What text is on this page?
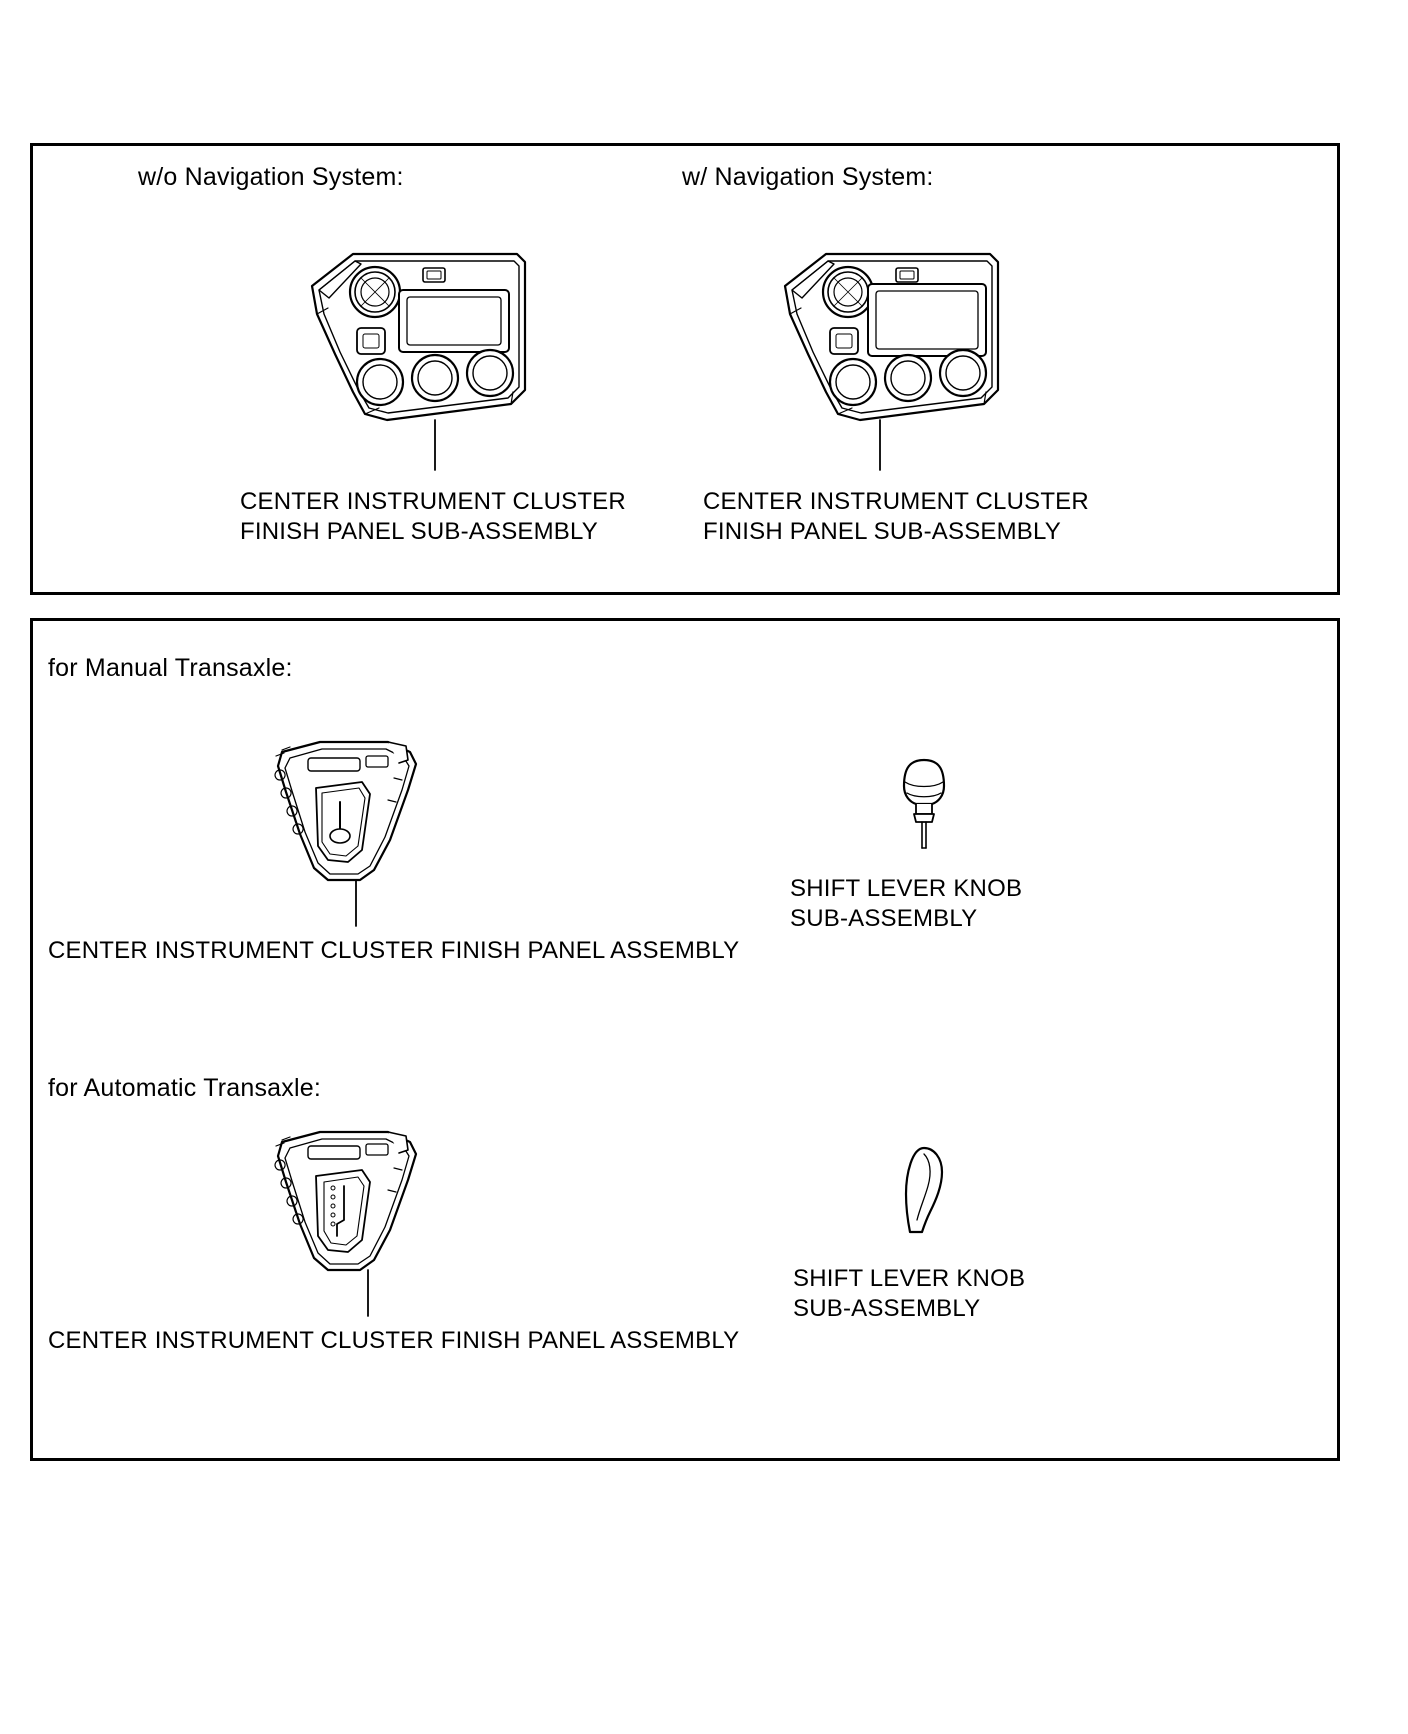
w/o Navigation System:	w/ Navigation System:
CENTER INSTRUMENT CLUSTER
FINISH PANEL SUB-ASSEMBLY
CENTER INSTRUMENT CLUSTER
FINISH PANEL SUB-ASSEMBLY
for Manual Transaxle:
CENTER INSTRUMENT CLUSTER FINISH PANEL ASSEMBLY
SHIFT LEVER KNOB
SUB-ASSEMBLY
for Automatic Transaxle:
CENTER INSTRUMENT CLUSTER FINISH PANEL ASSEMBLY
SHIFT LEVER KNOB
SUB-ASSEMBLY
